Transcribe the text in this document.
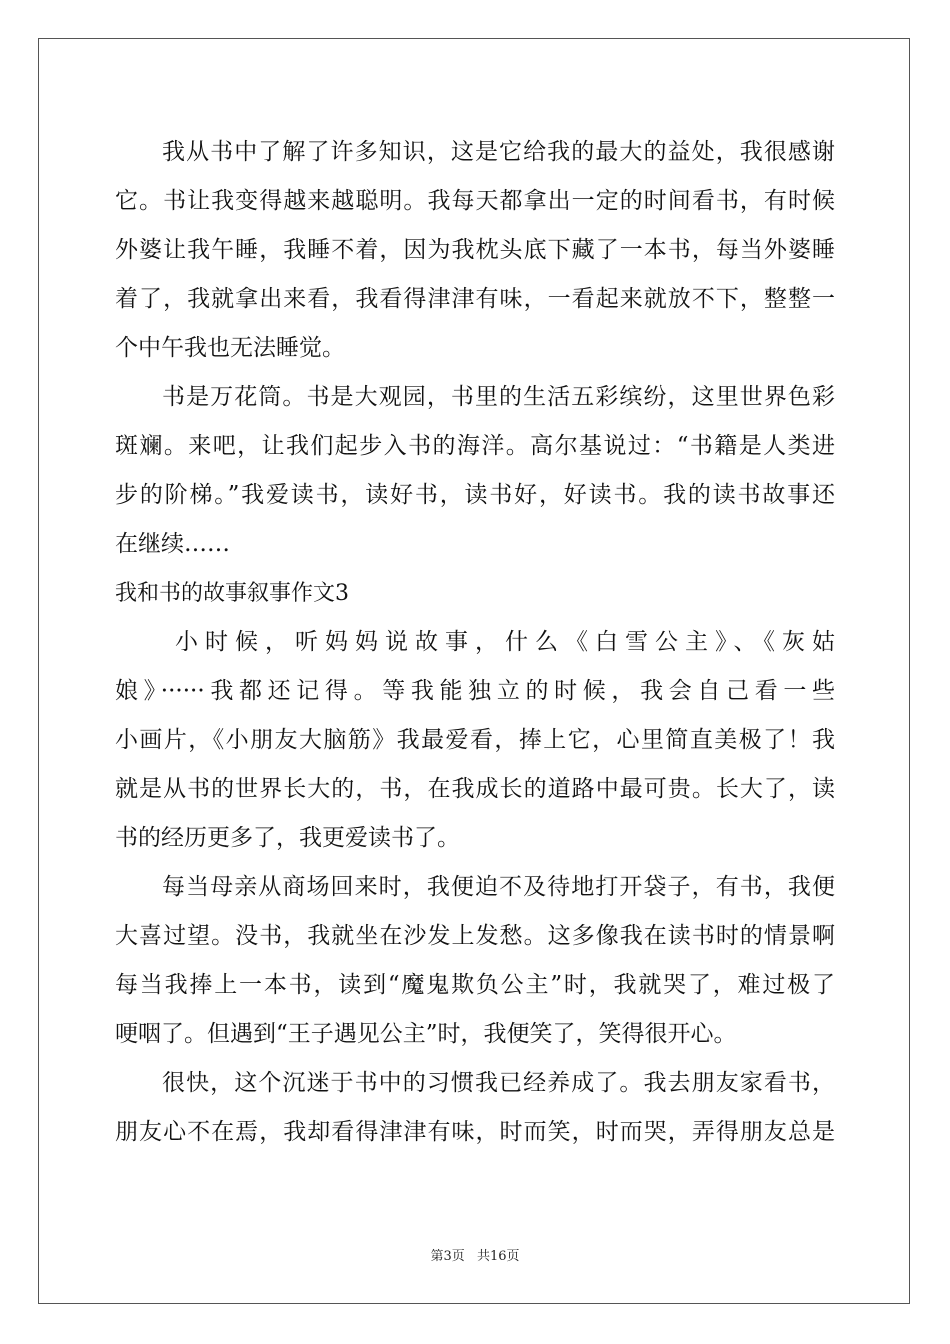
我从书中了解了许多知识，这是它给我的最大的益处，我很感谢
它。书让我变得越来越聪明。我每天都拿出一定的时间看书，有时候
外婆让我午睡，我睡不着，因为我枕头底下藏了一本书，每当外婆睡
着了，我就拿出来看，我看得津津有味，一看起来就放不下，整整一
个中午我也无法睡觉。
书是万花筒。书是大观园，书里的生活五彩缤纷，这里世界色彩
斑斓。来吧，让我们起步入书的海洋。高尔基说过：“书籍是人类进
步的阶梯。”我爱读书，读好书，读书好，好读书。我的读书故事还
在继续……
我和书的故事叙事作文3
小时候，听妈妈说故事，什么《白雪公主》、《灰姑
娘》······我都还记得。等我能独立的时候，我会自己看一些
小画片，《小朋友大脑筋》我最爱看，捧上它，心里简直美极了！我
就是从书的世界长大的，书，在我成长的道路中最可贵。长大了，读
书的经历更多了，我更爱读书了。
每当母亲从商场回来时，我便迫不及待地打开袋子，有书，我便
大喜过望。没书，我就坐在沙发上发愁。这多像我在读书时的情景啊
每当我捧上一本书，读到“魔鬼欺负公主”时，我就哭了，难过极了
哽咽了。但遇到“王子遇见公主”时，我便笑了，笑得很开心。
很快，这个沉迷于书中的习惯我已经养成了。我去朋友家看书，
朋友心不在焉，我却看得津津有味，时而笑，时而哭，弄得朋友总是
第3页 共16页
